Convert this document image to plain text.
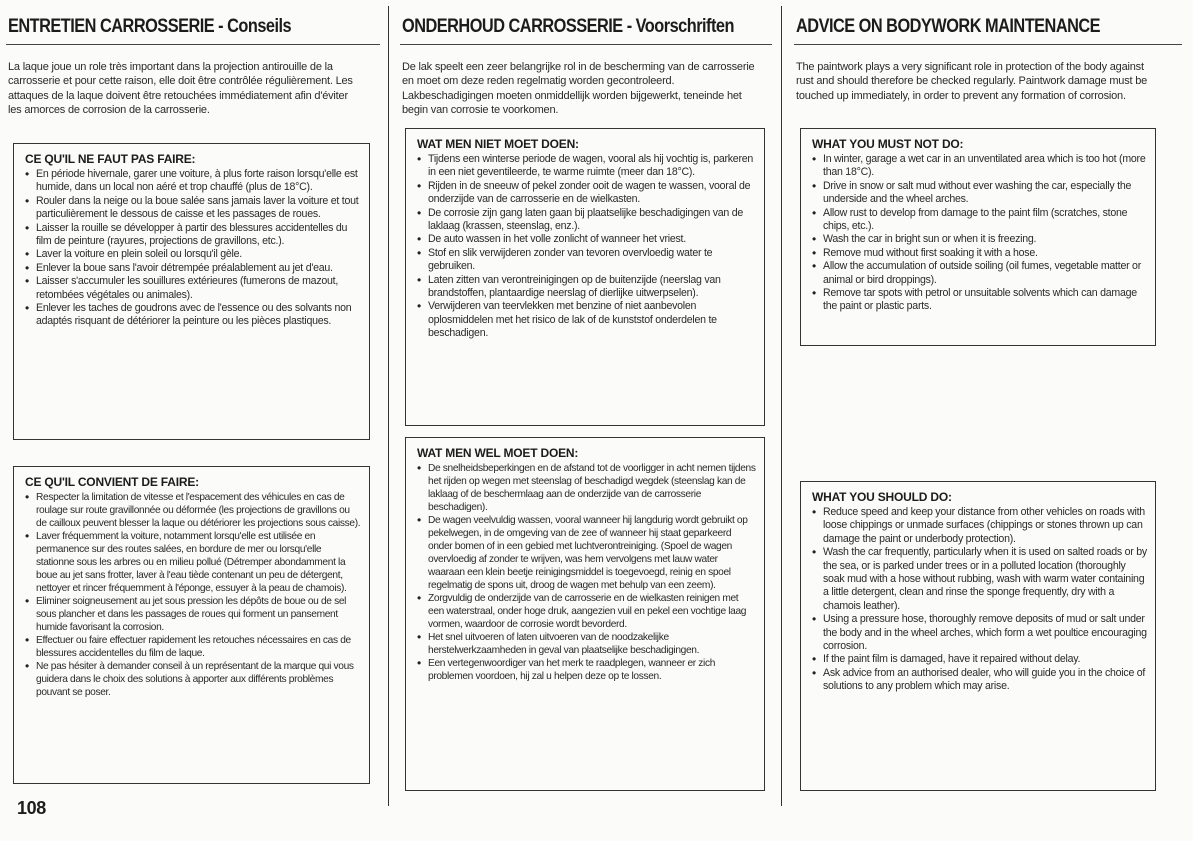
ENTRETIEN CARROSSERIE - Conseils

La laque joue un role très important dans la projection antirouille de la carrosserie et pour cette raison, elle doit être contrôlée régulièrement. Les attaques de la laque doivent être retouchées immédiatement afin d'éviter les amorces de corrosion de la carrosserie.

CE QU'IL NE FAUT PAS FAIRE:
• En période hivernale, garer une voiture, à plus forte raison lorsqu'elle est humide, dans un local non aéré et trop chauffé (plus de 18°C).
• Rouler dans la neige ou la boue salée sans jamais laver la voiture et tout particulièrement le dessous de caisse et les passages de roues.
• Laisser la rouille se développer à partir des blessures accidentelles du film de peinture (rayures, projections de gravillons, etc.).
• Laver la voiture en plein soleil ou lorsqu'il gèle.
• Enlever la boue sans l'avoir détrempée préalablement au jet d'eau.
• Laisser s'accumuler les souillures extérieures (fumerons de mazout, retombées végétales ou animales).
• Enlever les taches de goudrons avec de l'essence ou des solvants non adaptés risquant de détériorer la peinture ou les pièces plastiques.
CE QU'IL CONVIENT DE FAIRE:
• Respecter la limitation de vitesse et l'espacement des véhicules en cas de roulage sur route gravillonnée ou déformée (les projections de gravillons ou de cailloux peuvent blesser la laque ou détériorer les projections sous caisse).
• Laver fréquemment la voiture, notamment lorsqu'elle est utilisée en permanence sur des routes salées, en bordure de mer ou lorsqu'elle stationne sous les arbres ou en milieu pollué (Détremper abondamment la boue au jet sans frotter, laver à l'eau tiède contenant un peu de détergent, nettoyer et rincer fréquemment à l'éponge, essuyer à la peau de chamois).
• Eliminer soigneusement au jet sous pression les dépôts de boue ou de sel sous plancher et dans les passages de roues qui forment un pansement humide favorisant la corrosion.
• Effectuer ou faire effectuer rapidement les retouches nécessaires en cas de blessures accidentelles du film de laque.
• Ne pas hésiter à demander conseil à un représentant de la marque qui vous guidera dans le choix des solutions à apporter aux différents problèmes pouvant se poser.
108
ONDERHOUD CARROSSERIE - Voorschriften

De lak speelt een zeer belangrijke rol in de bescherming van de carrosserie en moet om deze reden regelmatig worden gecontroleerd. Lakbeschadigingen moeten onmiddellijk worden bijgewerkt, teneinde het begin van corrosie te voorkomen.

WAT MEN NIET MOET DOEN:
• Tijdens een winterse periode de wagen, vooral als hij vochtig is, parkeren in een niet geventileerde, te warme ruimte (meer dan 18°C).
• Rijden in de sneeuw of pekel zonder ooit de wagen te wassen, vooral de onderzijde van de carrosserie en de wielkasten.
• De corrosie zijn gang laten gaan bij plaatselijke beschadigingen van de laklaag (krassen, steenslag, enz.).
• De auto wassen in het volle zonlicht of wanneer het vriest.
• Stof en slik verwijderen zonder van tevoren overvloedig water te gebruiken.
• Laten zitten van verontreinigingen op de buitenzijde (neerslag van brandstoffen, plantaardige neerslag of dierlijke uitwerpselen).
• Verwijderen van teervlekken met benzine of niet aanbevolen oplosmiddelen met het risico de lak of de kunststof onderdelen te beschadigen.
WAT MEN WEL MOET DOEN:
• De snelheidsbeperkingen en de afstand tot de voorligger in acht nemen tijdens het rijden op wegen met steenslag of beschadigd wegdek (steenslag kan de laklaag of de beschermlaag aan de onderzijde van de carrosserie beschadigen).
• De wagen veelvuldig wassen, vooral wanneer hij langdurig wordt gebruikt op pekelwegen, in de omgeving van de zee of wanneer hij staat geparkeerd onder bomen of in een gebied met luchtverontreiniging. (Spoel de wagen overvloedig af zonder te wrijven, was hem vervolgens met lauw water waaraan een klein beetje reinigingsmiddel is toegevoegd, reinig en spoel regelmatig de spons uit, droog de wagen met behulp van een zeem).
• Zorgvuldig de onderzijde van de carrosserie en de wielkasten reinigen met een waterstraal, onder hoge druk, aangezien vuil en pekel een vochtige laag vormen, waardoor de corrosie wordt bevorderd.
• Het snel uitvoeren of laten uitvoeren van de noodzakelijke herstelwerkzaamheden in geval van plaatselijke beschadigingen.
• Een vertegenwoordiger van het merk te raadplegen, wanneer er zich problemen voordoen, hij zal u helpen deze op te lossen.
ADVICE ON BODYWORK MAINTENANCE

The paintwork plays a very significant role in protection of the body against rust and should therefore be checked regularly. Paintwork damage must be touched up immediately, in order to prevent any formation of corrosion.

WHAT YOU MUST NOT DO:
• In winter, garage a wet car in an unventilated area which is too hot (more than 18°C).
• Drive in snow or salt mud without ever washing the car, especially the underside and the wheel arches.
• Allow rust to develop from damage to the paint film (scratches, stone chips, etc.).
• Wash the car in bright sun or when it is freezing.
• Remove mud without first soaking it with a hose.
• Allow the accumulation of outside soiling (oil fumes, vegetable matter or animal or bird droppings).
• Remove tar spots with petrol or unsuitable solvents which can damage the paint or plastic parts.
WHAT YOU SHOULD DO:
• Reduce speed and keep your distance from other vehicles on roads with loose chippings or unmade surfaces (chippings or stones thrown up can damage the paint or underbody protection).
• Wash the car frequently, particularly when it is used on salted roads or by the sea, or is parked under trees or in a polluted location (thoroughly soak mud with a hose without rubbing, wash with warm water containing a little detergent, clean and rinse the sponge frequently, dry with a chamois leather).
• Using a pressure hose, thoroughly remove deposits of mud or salt under the body and in the wheel arches, which form a wet poultice encouraging corrosion.
• If the paint film is damaged, have it repaired without delay.
• Ask advice from an authorised dealer, who will guide you in the choice of solutions to any problem which may arise.
